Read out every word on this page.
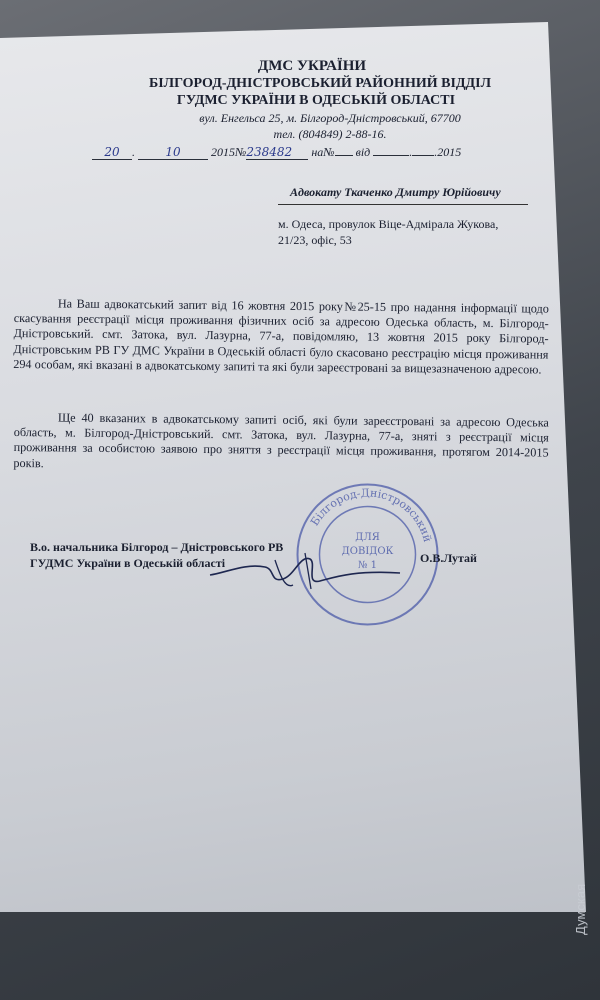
ДМС УКРАЇНИ

БІЛГОРОД-ДНІСТРОВСЬКИЙ РАЙОННИЙ ВІДДІЛ

ГУДМС УКРАЇНИ В ОДЕСЬКІЙ ОБЛАСТІ

вул. Енгельса 25, м. Білгород-Дністровський, 67700

тел. (804849) 2-88-16.

20 . 10	2015№238482 на№ від	. .2015

Адвокату Ткаченко Дмитру Юрійовичу

м. Одеса, провулок Віце-Адмірала Жукова, 21/23, офіс, 53

На Ваш адвокатський запит від 16 жовтня 2015 року№25-15 про надання інформації щодо скасування реєстрації місця проживання фізичних осіб за адресою Одеська область, м. Білгород-Дністровський. смт. Затока, вул. Лазурна, 77-а, повідомляю, 13 жовтня 2015 року Білгород-Дністровським РВ ГУ ДМС України в Одеській області було скасовано реєстрацію місця проживання 294 особам, які вказані в адвокатському запиті та які були зареєстровані за вищезазначеною адресою.

Ще 40 вказаних в адвокатському запиті осіб, які були зареєстровані за адресою Одеська область, м. Білгород-Дністровський. смт. Затока, вул. Лазурна, 77-а, зняті з реєстрації місця проживання за особистою заявою про зняття з реєстрації місця проживання, протягом 2014-2015 років.

Білгород-Дністровський
ДЛЯ
ДОВІДОК
№ 1

В.о. начальника Білгород – Дністровського РВ

ГУДМС України в Одеській області	О.В.Лутай

Думская
